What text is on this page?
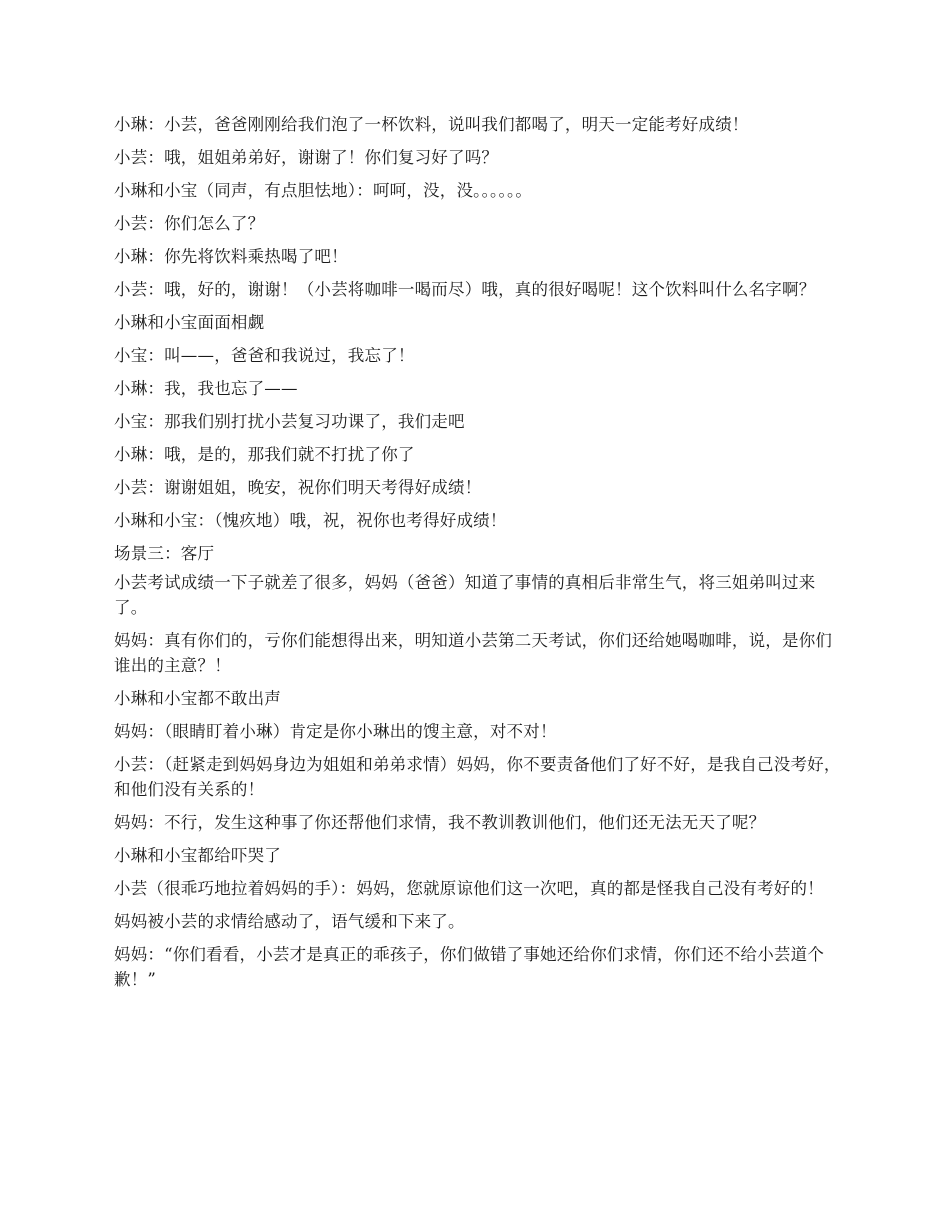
小琳：小芸，爸爸刚刚给我们泡了一杯饮料，说叫我们都喝了，明天一定能考好成绩！

小芸：哦，姐姐弟弟好，谢谢了！你们复习好了吗？

小琳和小宝（同声，有点胆怯地）：呵呵，没，没。。。。。。

小芸：你们怎么了？

小琳：你先将饮料乘热喝了吧！

小芸：哦，好的，谢谢！（小芸将咖啡一喝而尽）哦，真的很好喝呢！这个饮料叫什么名字啊？

小琳和小宝面面相觑

小宝：叫——，爸爸和我说过，我忘了！

小琳：我，我也忘了——

小宝：那我们别打扰小芸复习功课了，我们走吧

小琳：哦，是的，那我们就不打扰了你了

小芸：谢谢姐姐，晚安，祝你们明天考得好成绩！

小琳和小宝：（愧疚地）哦，祝，祝你也考得好成绩！

场景三：客厅

小芸考试成绩一下子就差了很多，妈妈（爸爸）知道了事情的真相后非常生气，将三姐弟叫过来了。

妈妈：真有你们的，亏你们能想得出来，明知道小芸第二天考试，你们还给她喝咖啡，说，是你们谁出的主意？！

小琳和小宝都不敢出声

妈妈：（眼睛盯着小琳）肯定是你小琳出的馊主意，对不对！

小芸：（赶紧走到妈妈身边为姐姐和弟弟求情）妈妈，你不要责备他们了好不好，是我自己没考好，和他们没有关系的！

妈妈：不行，发生这种事了你还帮他们求情，我不教训教训他们，他们还无法无天了呢？

小琳和小宝都给吓哭了

小芸（很乖巧地拉着妈妈的手）：妈妈，您就原谅他们这一次吧，真的都是怪我自己没有考好的！

妈妈被小芸的求情给感动了，语气缓和下来了。

妈妈：“你们看看，小芸才是真正的乖孩子，你们做错了事她还给你们求情，你们还不给小芸道个歉！”
